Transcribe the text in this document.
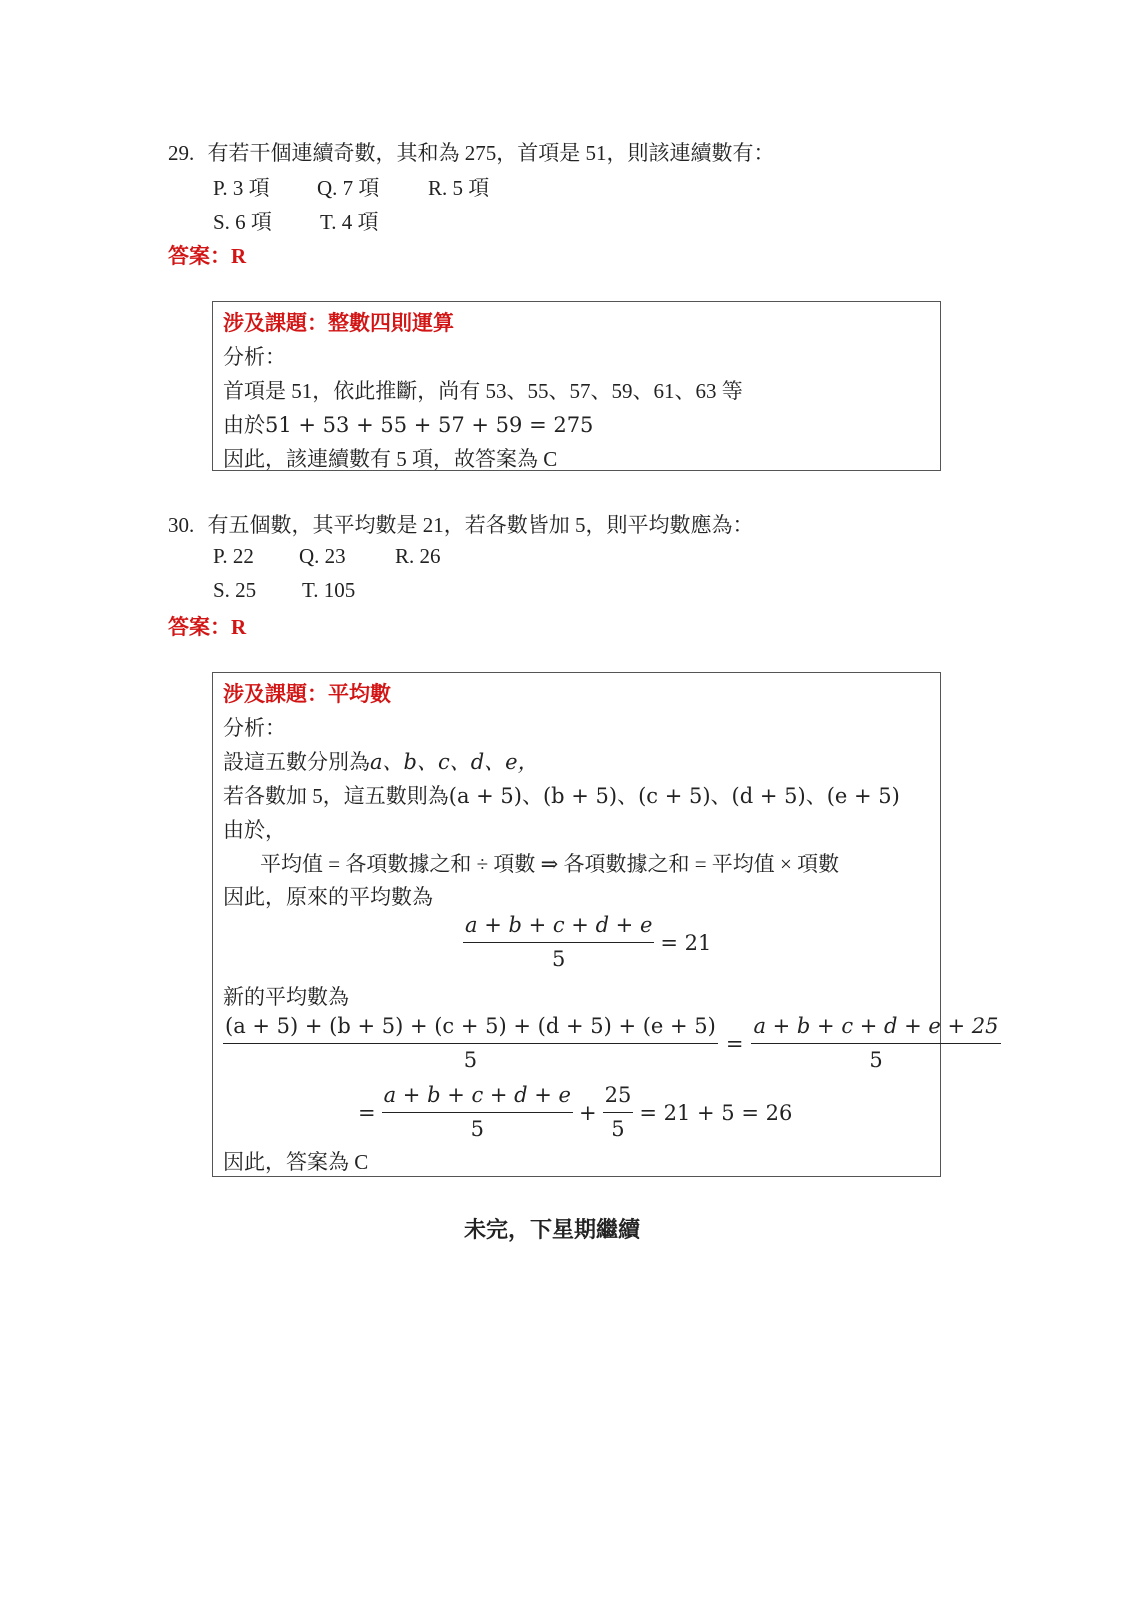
29. 有若干個連續奇數，其和為 275，首項是 51，則該連續數有：
P. 3 項 Q. 7 項 R. 5 項
S. 6 項 T. 4 項
答案：R
涉及課題：整數四則運算
分析：
首項是 51，依此推斷，尚有 53、55、57、59、61、63 等
由於51 + 53 + 55 + 57 + 59 = 275
因此，該連續數有 5 項，故答案為 C
30. 有五個數，其平均數是 21，若各數皆加 5，則平均數應為：
P. 22 Q. 23 R. 26
S. 25 T. 105
答案：R
涉及課題：平均數
分析：
設這五數分別為a、b、c、d、e，
若各數加 5，這五數則為(a + 5)、(b + 5)、(c + 5)、(d + 5)、(e + 5)
由於，
平均值 = 各項數據之和 ÷ 項數 ⇒ 各項數據之和 = 平均值 × 項數
因此，原來的平均數為
$\frac{a + b + c + d + e}{5} = 21$
新的平均數為
$\frac{(a + 5) + (b + 5) + (c + 5) + (d + 5) + (e + 5)}{5} = \frac{a + b + c + d + e + 25}{5}$
= $\frac{a + b + c + d + e}{5} + \frac{25}{5} = 21 + 5 = 26$
因此，答案為 C
未完，下星期繼續
